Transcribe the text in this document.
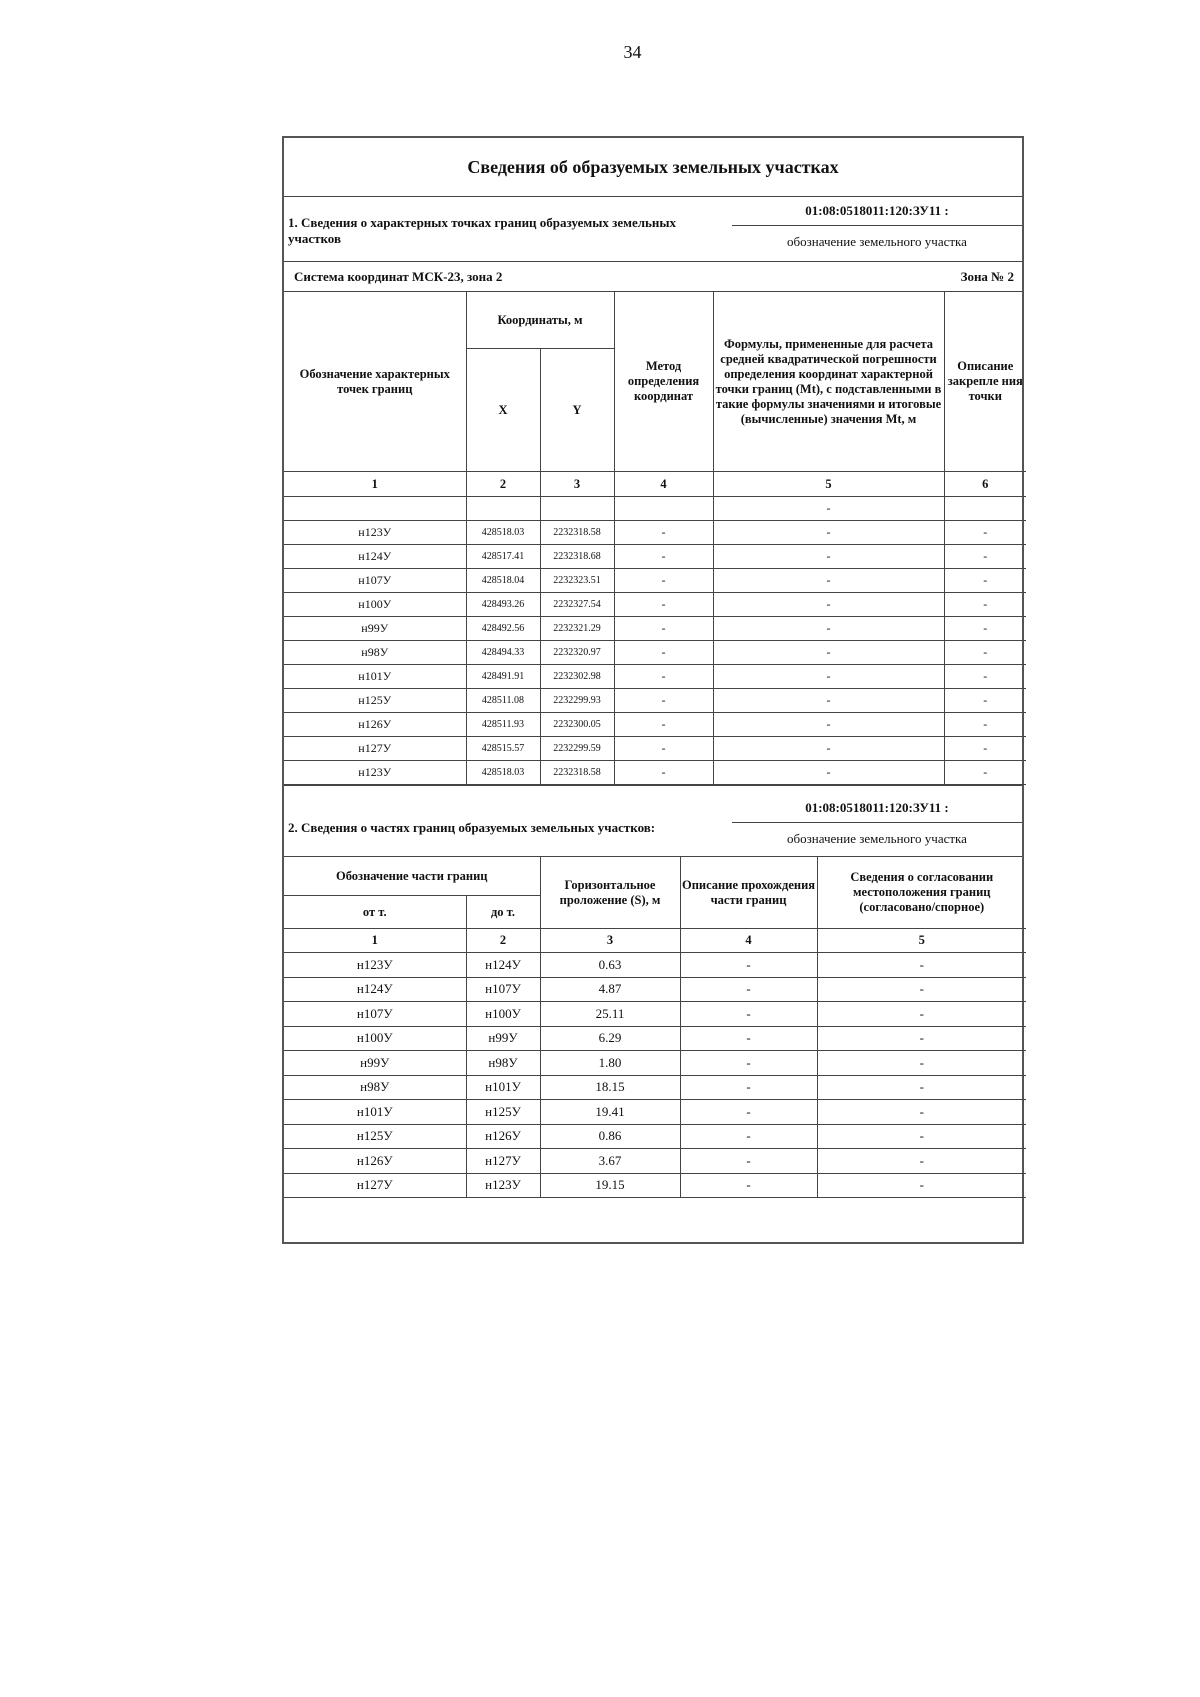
34
Сведения об образуемых земельных участках
1. Сведения о характерных точках границ образуемых земельных участков
01:08:0518011:120:ЗУ11 :
обозначение земельного участка
Система координат МСК-23, зона 2	Зона № 2
Обозначение характерных точек границ	Координаты, м		Метод определения координат	Формулы, примененные для расчета средней квадратической погрешности определения координат характерной точки границ (Mt), с подставленными в такие формулы значениями и итоговые (вычисленные) значения Mt, м	Описание закрепле ния точки
	X	Y			
1	2	3	4	5	6
				-	
н123У	428518.03	2232318.58	-	-	-
н124У	428517.41	2232318.68	-	-	-
н107У	428518.04	2232323.51	-	-	-
н100У	428493.26	2232327.54	-	-	-
н99У	428492.56	2232321.29	-	-	-
н98У	428494.33	2232320.97	-	-	-
н101У	428491.91	2232302.98	-	-	-
н125У	428511.08	2232299.93	-	-	-
н126У	428511.93	2232300.05	-	-	-
н127У	428515.57	2232299.59	-	-	-
н123У	428518.03	2232318.58	-	-	-
2. Сведения о частях границ образуемых земельных участков:
01:08:0518011:120:ЗУ11 :
обозначение земельного участка
Обозначение части границ		Горизонтальное проложение (S), м	Описание прохождения части границ	Сведения о согласовании местоположения границ (согласовано/спорное)
от т.	до т.			
1	2	3	4	5
н123У	н124У	0.63	-	-
н124У	н107У	4.87	-	-
н107У	н100У	25.11	-	-
н100У	н99У	6.29	-	-
н99У	н98У	1.80	-	-
н98У	н101У	18.15	-	-
н101У	н125У	19.41	-	-
н125У	н126У	0.86	-	-
н126У	н127У	3.67	-	-
н127У	н123У	19.15	-	-
